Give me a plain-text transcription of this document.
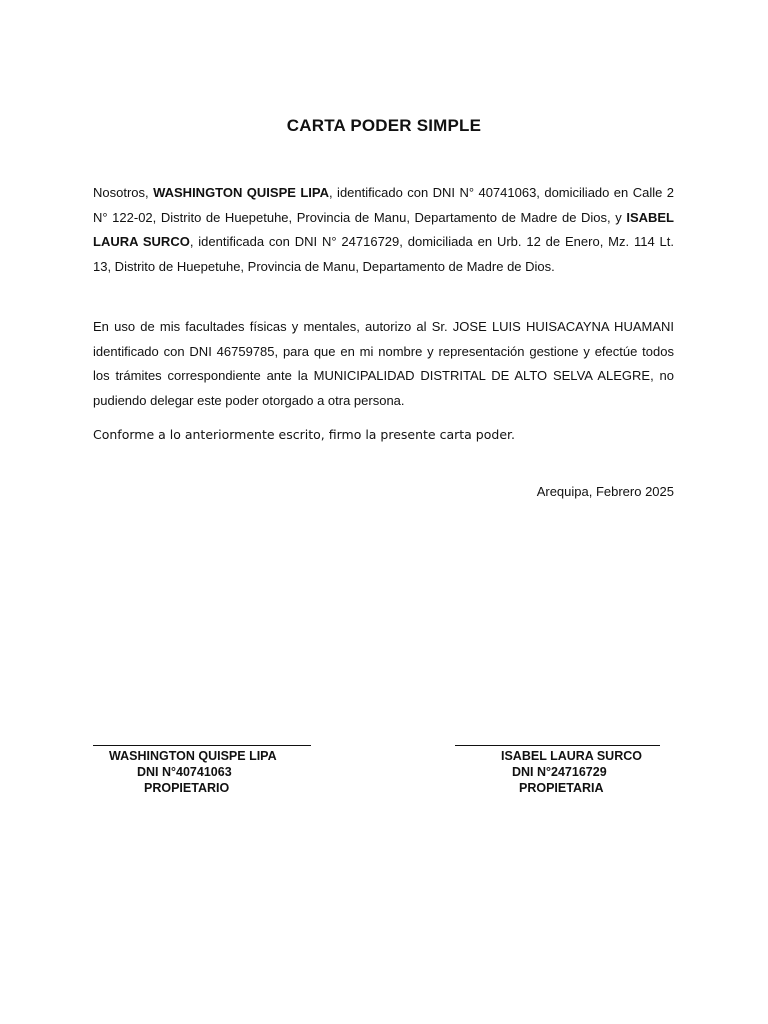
CARTA PODER SIMPLE
Nosotros, WASHINGTON QUISPE LIPA, identificado con DNI N° 40741063, domiciliado en Calle 2 N° 122-02, Distrito de Huepetuhe, Provincia de Manu, Departamento de Madre de Dios, y ISABEL LAURA SURCO, identificada con DNI N° 24716729, domiciliada en Urb. 12 de Enero, Mz. 114 Lt. 13, Distrito de Huepetuhe, Provincia de Manu, Departamento de Madre de Dios.
En uso de mis facultades físicas y mentales, autorizo al Sr. JOSE LUIS HUISACAYNA HUAMANI identificado con DNI 46759785, para que en mi nombre y representación gestione y efectúe todos los trámites correspondiente ante la MUNICIPALIDAD DISTRITAL DE ALTO SELVA ALEGRE, no pudiendo delegar este poder otorgado a otra persona.
Conforme a lo anteriormente escrito, firmo la presente carta poder.
Arequipa, Febrero 2025
WASHINGTON QUISPE LIPA
DNI N°40741063
PROPIETARIO
ISABEL LAURA SURCO
DNI N°24716729
PROPIETARIA
